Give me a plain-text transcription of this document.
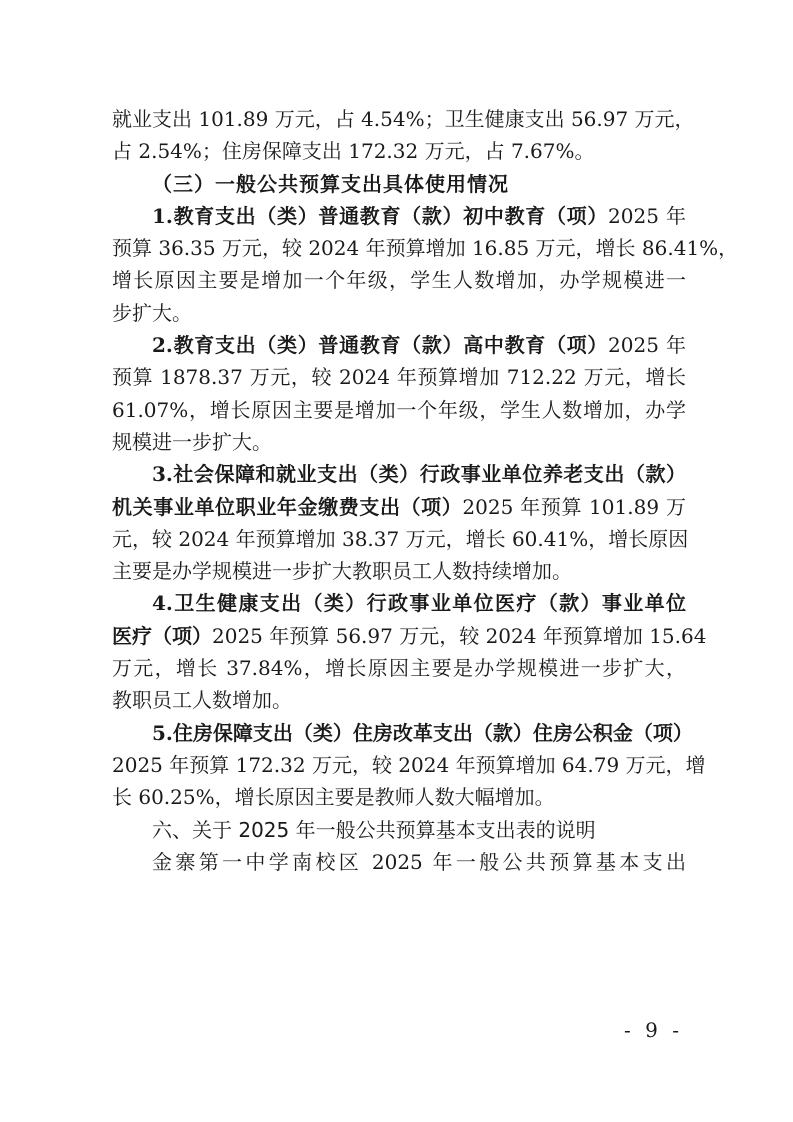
就业支出 101.89 万元，占 4.54%；卫生健康支出 56.97 万元，
占 2.54%；住房保障支出 172.32 万元，占 7.67%。
（三）一般公共预算支出具体使用情况
1.教育支出（类）普通教育（款）初中教育（项）2025 年
预算 36.35 万元，较 2024 年预算增加 16.85 万元，增长 86.41%，
增长原因主要是增加一个年级，学生人数增加，办学规模进一
步扩大。
2.教育支出（类）普通教育（款）高中教育（项）2025 年
预算 1878.37 万元，较 2024 年预算增加 712.22 万元，增长
61.07%，增长原因主要是增加一个年级，学生人数增加，办学
规模进一步扩大。
3.社会保障和就业支出（类）行政事业单位养老支出（款）
机关事业单位职业年金缴费支出（项）2025 年预算 101.89 万
元，较 2024 年预算增加 38.37 万元，增长 60.41%，增长原因
主要是办学规模进一步扩大教职员工人数持续增加。
4.卫生健康支出（类）行政事业单位医疗（款）事业单位
医疗（项）2025 年预算 56.97 万元，较 2024 年预算增加 15.64
万元，增长 37.84%，增长原因主要是办学规模进一步扩大，
教职员工人数增加。
5.住房保障支出（类）住房改革支出（款）住房公积金（项）
2025 年预算 172.32 万元，较 2024 年预算增加 64.79 万元，增
长 60.25%，增长原因主要是教师人数大幅增加。
六、关于 2025 年一般公共预算基本支出表的说明
金寨第一中学南校区 2025 年一般公共预算基本支出
- 9 -
